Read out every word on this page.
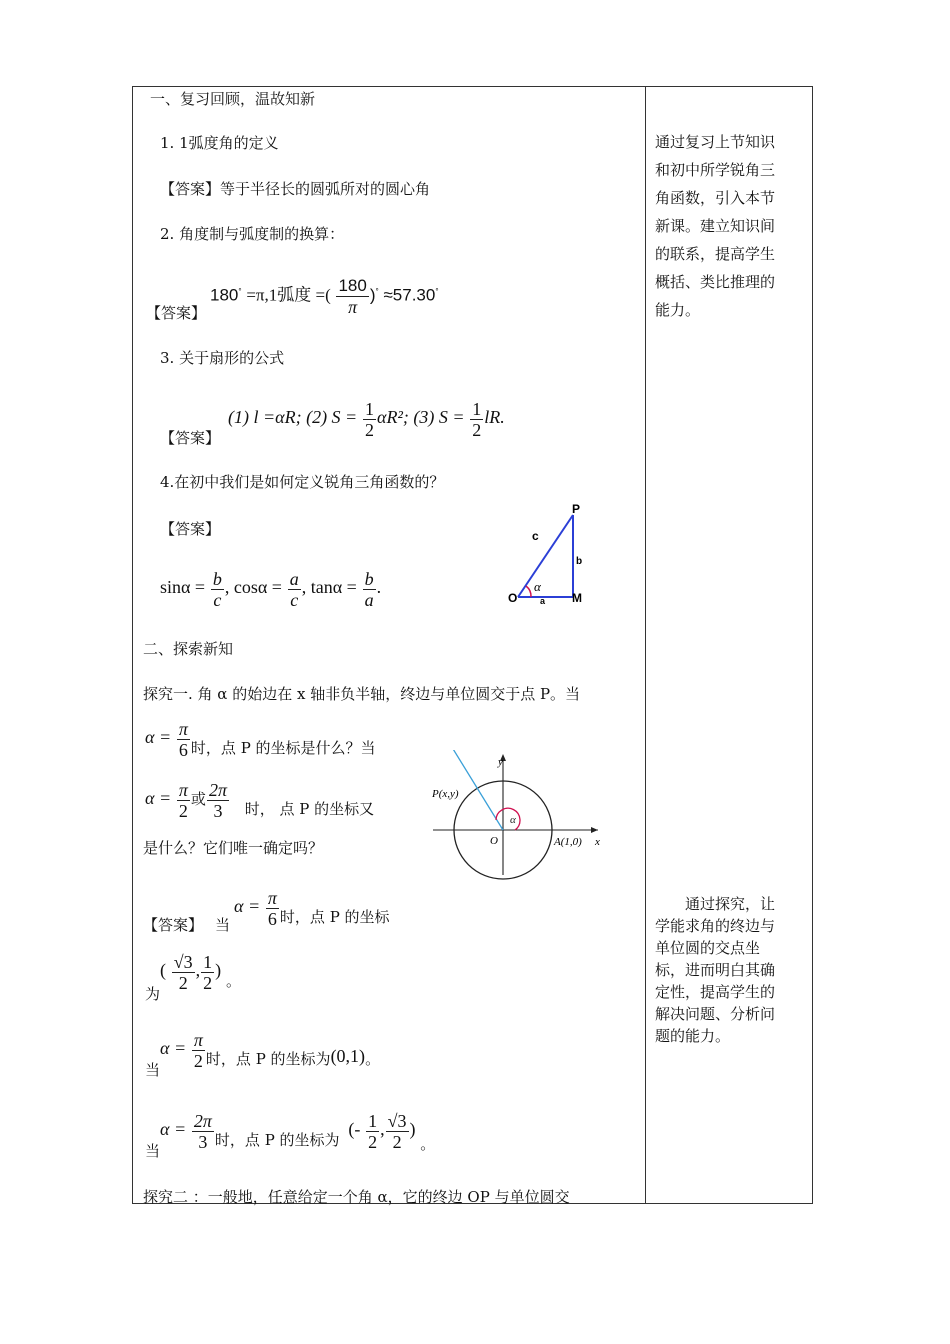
一、复习回顾，温故知新
1. 1弧度角的定义
【答案】等于半径长的圆弧所对的圆心角
2. 角度制与弧度制的换算：
【答案】
180° =π,1弧度 =( $\frac{180}{\pi} )^\circ \approx 57.30^\circ$
3. 关于扇形的公式
【答案】
(1) l =αR; (2) $S = \frac{1}{2} \alpha R^2$; (3) $S = \frac{1}{2}$ lR.
4.在初中我们是如何定义锐角三角函数的？
【答案】
$\sin\alpha = \frac{b}{c}$ , $\cos\alpha = \frac{a}{c}$ , $\tan\alpha = \frac{b}{a}$ .
P
O	M
c
b
a
α
二、探索新知
探究一. 角 α 的始边在 x 轴非负半轴，终边与单位圆交于点 P。当
$\alpha = \frac{\pi}{6}$ 时，点 P 的坐标是什么？当
$\alpha = \frac{\pi}{2}$ 或 $\frac{2\pi}{3}$ 时， 点 P 的坐标又
是什么？它们唯一确定吗？
y
x
O
P(x,y)
A(1,0)
α
【答案】 当
$\alpha = \frac{\pi}{6}$ 时，点 P 的坐标
为
( $\frac{√3}{2}$ , $\frac{1}{2}$ ) 。
当
$\alpha = \frac{\pi}{2}$ 时，点 P 的坐标为(0,1)。
当
$\alpha = \frac{2\pi}{3}$ 时，点 P 的坐标为 (- $\frac{1}{2}$ , $\frac{√3}{2}$ ) 。
探究二 ：一般地，任意给定一个角 α，它的终边 OP 与单位圆交
通过复习上节知识
和初中所学锐角三
角函数，引入本节
新课。建立知识间
的联系，提高学生
概括、类比推理的
能力。
通过探究，让
学能求角的终边与
单位圆的交点坐
标，进而明白其确
定性，提高学生的
解决问题、分析问
题的能力。
